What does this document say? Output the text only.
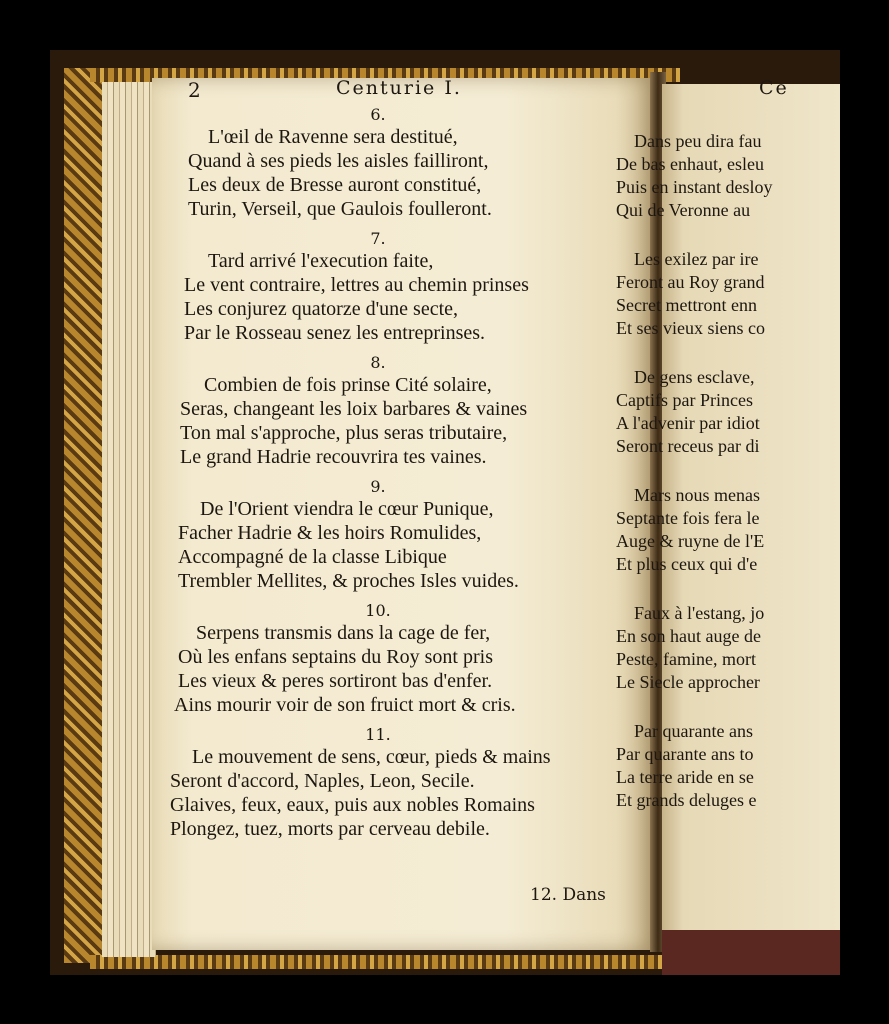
2	Centurie I.	Ce
6.
L'œil de Ravenne sera destitué,
Quand à ses pieds les aisles failliront,
Les deux de Bresse auront constitué,
Turin, Verseil, que Gaulois foulleront.
7.
Tard arrivé l'execution faite,
Le vent contraire, lettres au chemin prinses
Les conjurez quatorze d'une secte,
Par le Rosseau senez les entreprinses.
8.
Combien de fois prinse Cité solaire,
Seras, changeant les loix barbares & vaines
Ton mal s'approche, plus seras tributaire,
Le grand Hadrie recouvrira tes vaines.
9.
De l'Orient viendra le cœur Punique,
Facher Hadrie & les hoirs Romulides,
Accompagné de la classe Libique
Trembler Mellites, & proches Isles vuides.
10.
Serpens transmis dans la cage de fer,
Où les enfans septains du Roy sont pris
Les vieux & peres sortiront bas d'enfer.
Ains mourir voir de son fruict mort & cris.
11.
Le mouvement de sens, cœur, pieds & mains
Seront d'accord, Naples, Leon, Secile.
Glaives, feux, eaux, puis aux nobles Romains
Plongez, tuez, morts par cerveau debile.
12. Dans
Dans peu dira fau
De bas enhaut, esleu
Puis en instant desloy
Qui de Veronne au
Les exilez par ire
Feront au Roy grand
Secret mettront enn
Et ses vieux siens co
De gens esclave,
Captifs par Princes
A l'advenir par idiot
Seront receus par di
Mars nous menas
Septante fois fera le
Auge & ruyne de l'E
Et plus ceux qui d'e
Faux à l'estang, jo
En son haut auge de
Peste, famine, mort
Le Siecle approcher
Par quarante ans
Par quarante ans to
La terre aride en se
Et grands deluges e
